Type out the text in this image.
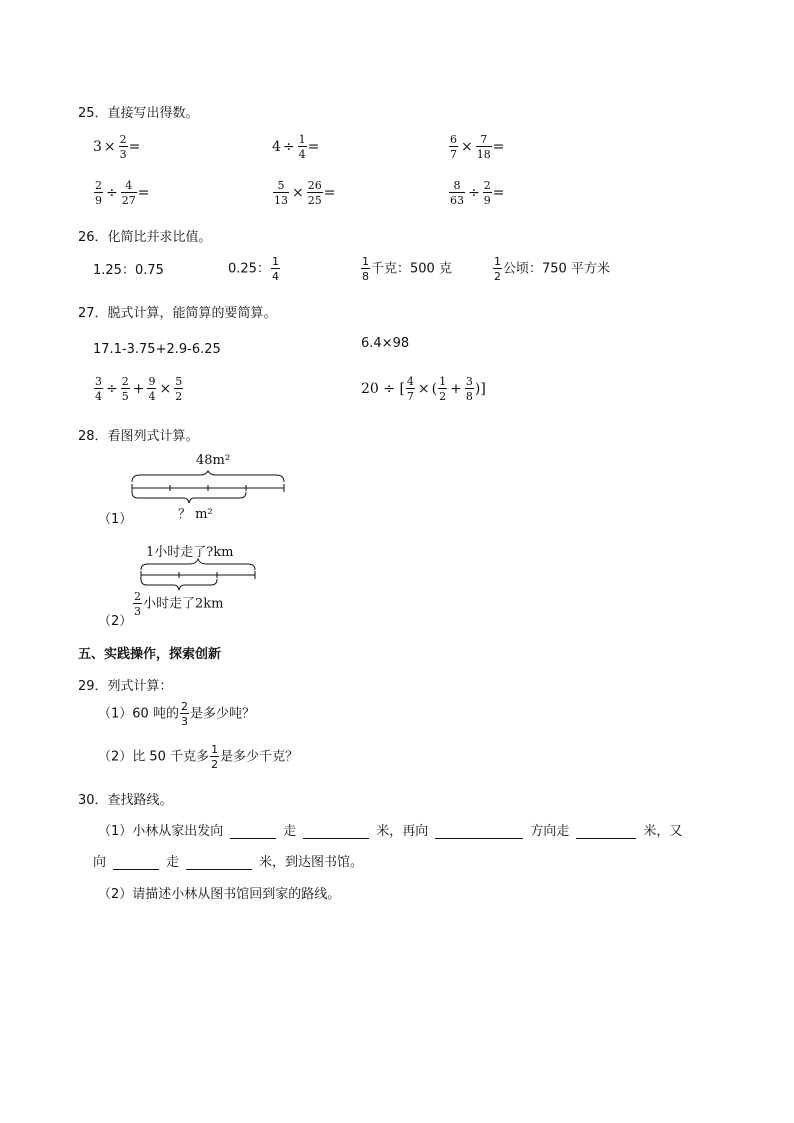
25．直接写出得数。
$3 \times \frac{2}{3}$ =	$4 \div \frac{1}{4}$ =	$\frac{6}{7} \times \frac{7}{18}$ =
$\frac{2}{9} \div \frac{4}{27}$ =	$\frac{5}{13} \times \frac{26}{25}$ =	$\frac{8}{63} \div \frac{2}{9}$ =
26．化简比并求比值。
1.25：0.75	0.25： $\frac{1}{4}$	$\frac{1}{8}$ 千克：500 克	$\frac{1}{2}$ 公顷：750 平方米
27．脱式计算，能简算的要简算。
17.1-3.75+2.9-6.25	6.4×98
$\frac{3}{4} \div \frac{2}{5} + \frac{9}{4} \times \frac{5}{2}$	20 ÷ [ $\frac{4}{7}$ × ( $\frac{1}{2} + \frac{3}{8}$ )]
28．看图列式计算。
48m²
（1）	？ m²
1小时走了?km
（2）
$\frac{2}{3}$ 小时走了2km
五、实践操作，探索创新
29．列式计算：
（1）60 吨的 $\frac{2}{3}$ 是多少吨？
（2）比 50 千克多 $\frac{1}{2}$ 是多少千克？
30．查找路线。
（1）小林从家出发向	走	米，再向	方向走	米，又
向	走	米，到达图书馆。
（2）请描述小林从图书馆回到家的路线。
